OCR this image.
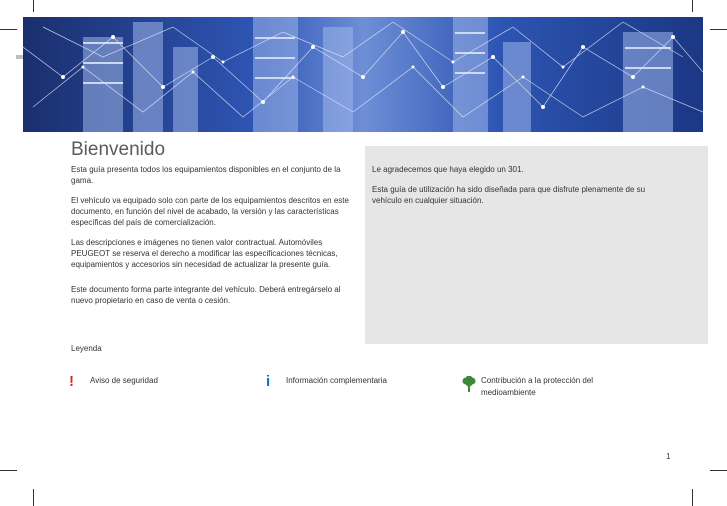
Bienvenido

Esta guía presenta todos los equipamientos disponibles en el conjunto de la gama.

El vehículo va equipado solo con parte de los equipamientos descritos en este documento, en función del nivel de acabado, la versión y las características específicas del país de comercialización.

Las descripciones e imágenes no tienen valor contractual. Automóviles PEUGEOT se reserva el derecho a modificar las especificaciones técnicas, equipamientos y accesorios sin necesidad de actualizar la presente guía.

Este documento forma parte integrante del vehículo. Deberá entregárselo al nuevo propietario en caso de venta o cesión.

Le agradecemos que haya elegido un 301.

Esta guía de utilización ha sido diseñada para que disfrute plenamente de su vehículo en cualquier situación.

Leyenda
! Aviso de seguridad	i Información complementaria	Contribución a la protección del medioambiente
1
